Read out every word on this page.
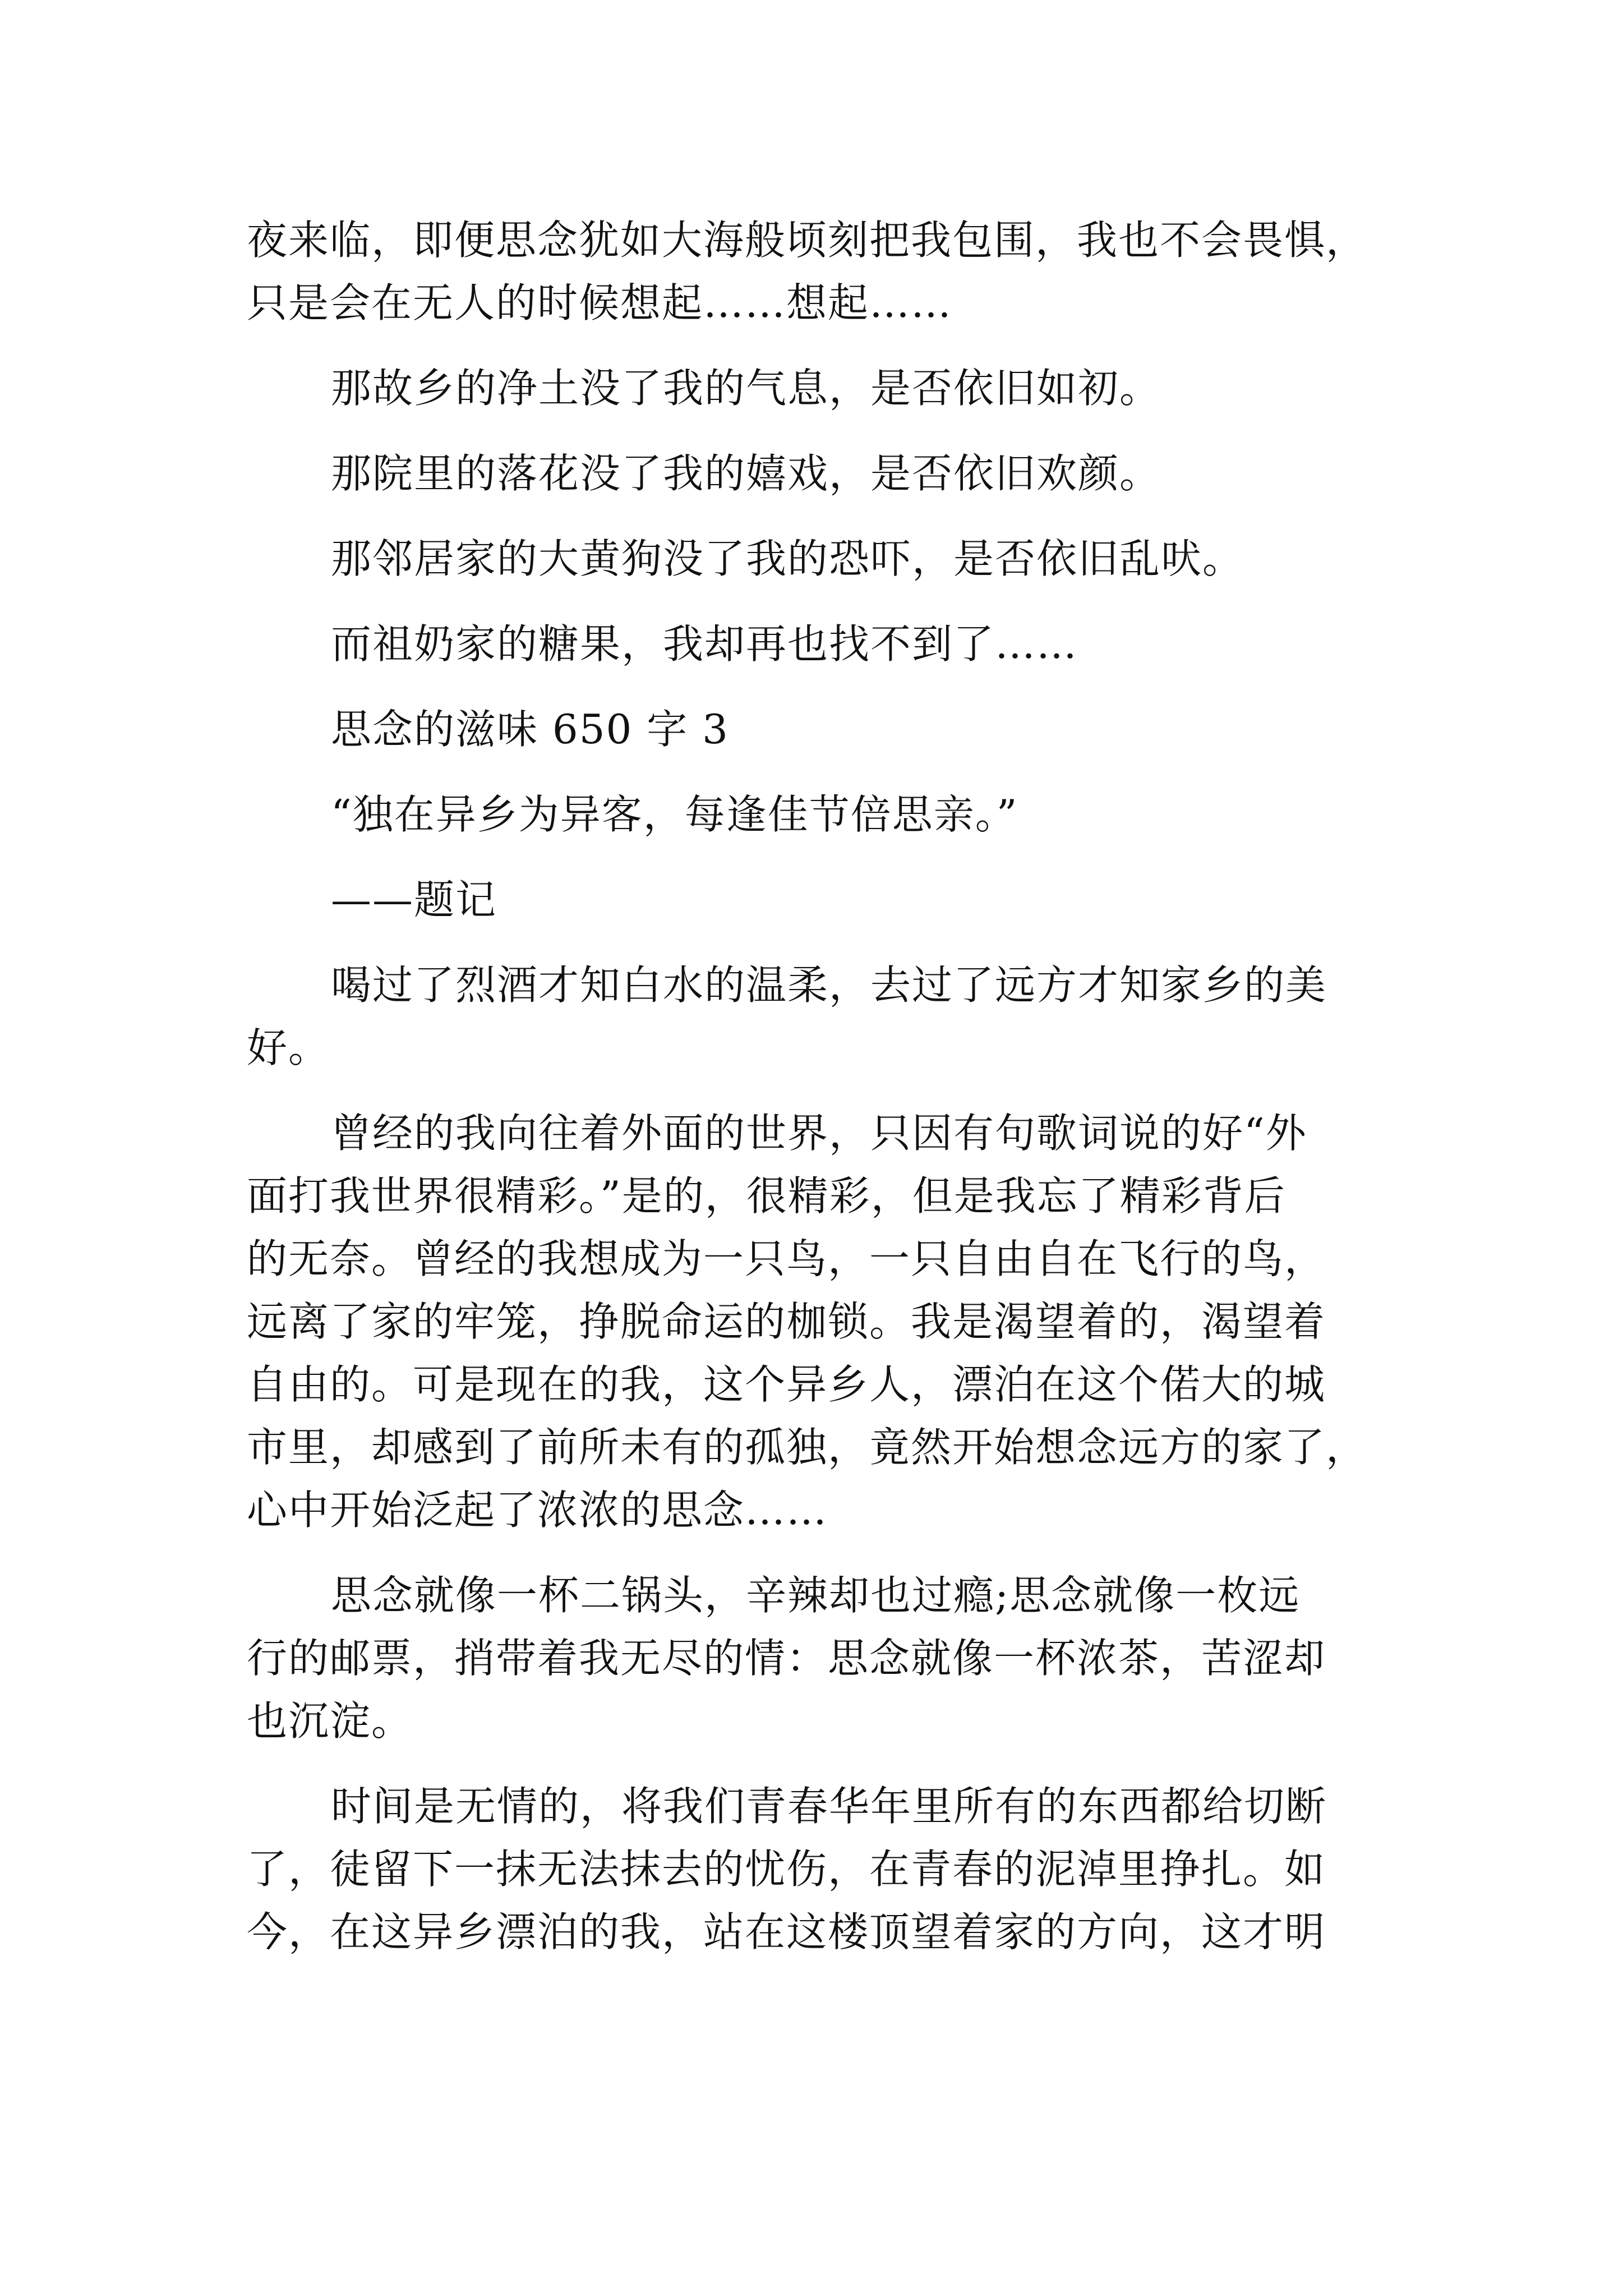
夜来临，即便思念犹如大海般顷刻把我包围，我也不会畏惧，
只是会在无人的时候想起……想起……
那故乡的净土没了我的气息，是否依旧如初。
那院里的落花没了我的嬉戏，是否依旧欢颜。
那邻居家的大黄狗没了我的恐吓，是否依旧乱吠。
而祖奶家的糖果，我却再也找不到了……
思念的滋味 650 字 3
“独在异乡为异客，每逢佳节倍思亲。”
——题记
喝过了烈酒才知白水的温柔，去过了远方才知家乡的美
好。
曾经的我向往着外面的世界，只因有句歌词说的好“外
面打我世界很精彩。”是的，很精彩，但是我忘了精彩背后
的无奈。曾经的我想成为一只鸟，一只自由自在飞行的鸟，
远离了家的牢笼，挣脱命运的枷锁。我是渴望着的，渴望着
自由的。可是现在的我，这个异乡人，漂泊在这个偌大的城
市里，却感到了前所未有的孤独，竟然开始想念远方的家了，
心中开始泛起了浓浓的思念……
思念就像一杯二锅头，辛辣却也过瘾;思念就像一枚远
行的邮票，捎带着我无尽的情：思念就像一杯浓茶，苦涩却
也沉淀。
时间是无情的，将我们青春华年里所有的东西都给切断
了，徒留下一抹无法抹去的忧伤，在青春的泥淖里挣扎。如
今，在这异乡漂泊的我，站在这楼顶望着家的方向，这才明
